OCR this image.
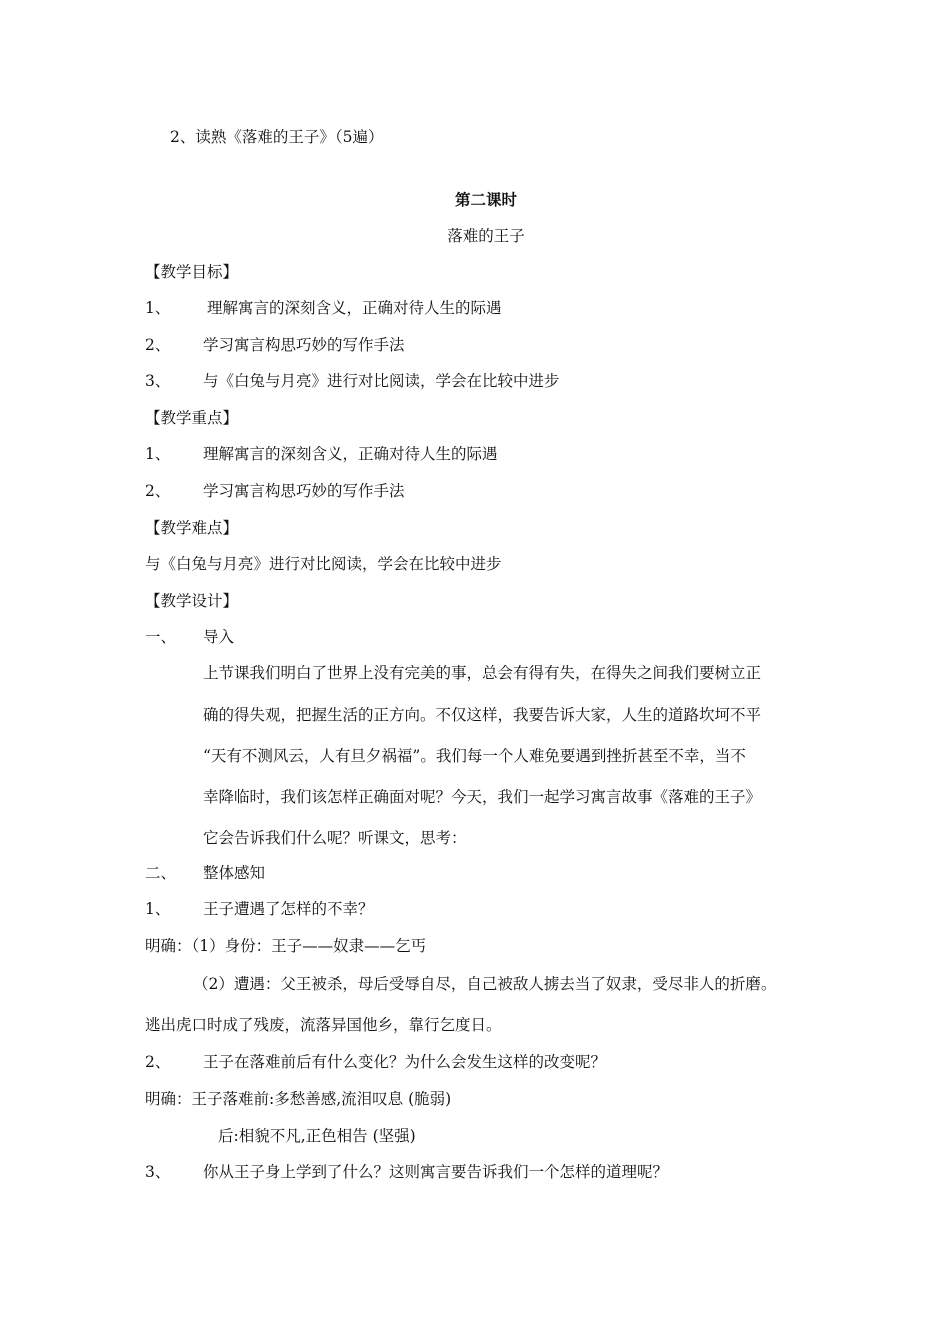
2、读熟《落难的王子》（5遍）
第二课时
落难的王子
【教学目标】
1、 理解寓言的深刻含义，正确对待人生的际遇
2、 学习寓言构思巧妙的写作手法
3、 与《白兔与月亮》进行对比阅读，学会在比较中进步
【教学重点】
1、 理解寓言的深刻含义，正确对待人生的际遇
2、 学习寓言构思巧妙的写作手法
【教学难点】
与《白兔与月亮》进行对比阅读，学会在比较中进步
【教学设计】
一、 导入
上节课我们明白了世界上没有完美的事，总会有得有失，在得失之间我们要树立正
确的得失观，把握生活的正方向。不仅这样，我要告诉大家，人生的道路坎坷不平
“天有不测风云，人有旦夕祸福”。我们每一个人难免要遇到挫折甚至不幸，当不
幸降临时，我们该怎样正确面对呢？今天，我们一起学习寓言故事《落难的王子》
它会告诉我们什么呢？听课文，思考：
二、 整体感知
1、 王子遭遇了怎样的不幸？
明确：（1）身份：王子——奴隶——乞丐
（2）遭遇：父王被杀，母后受辱自尽，自己被敌人掳去当了奴隶，受尽非人的折磨。
逃出虎口时成了残废，流落异国他乡，靠行乞度日。
2、 王子在落难前后有什么变化？为什么会发生这样的改变呢？
明确：王子落难前:多愁善感,流泪叹息 (脆弱)
后:相貌不凡,正色相告 (坚强)
3、 你从王子身上学到了什么？这则寓言要告诉我们一个怎样的道理呢？
